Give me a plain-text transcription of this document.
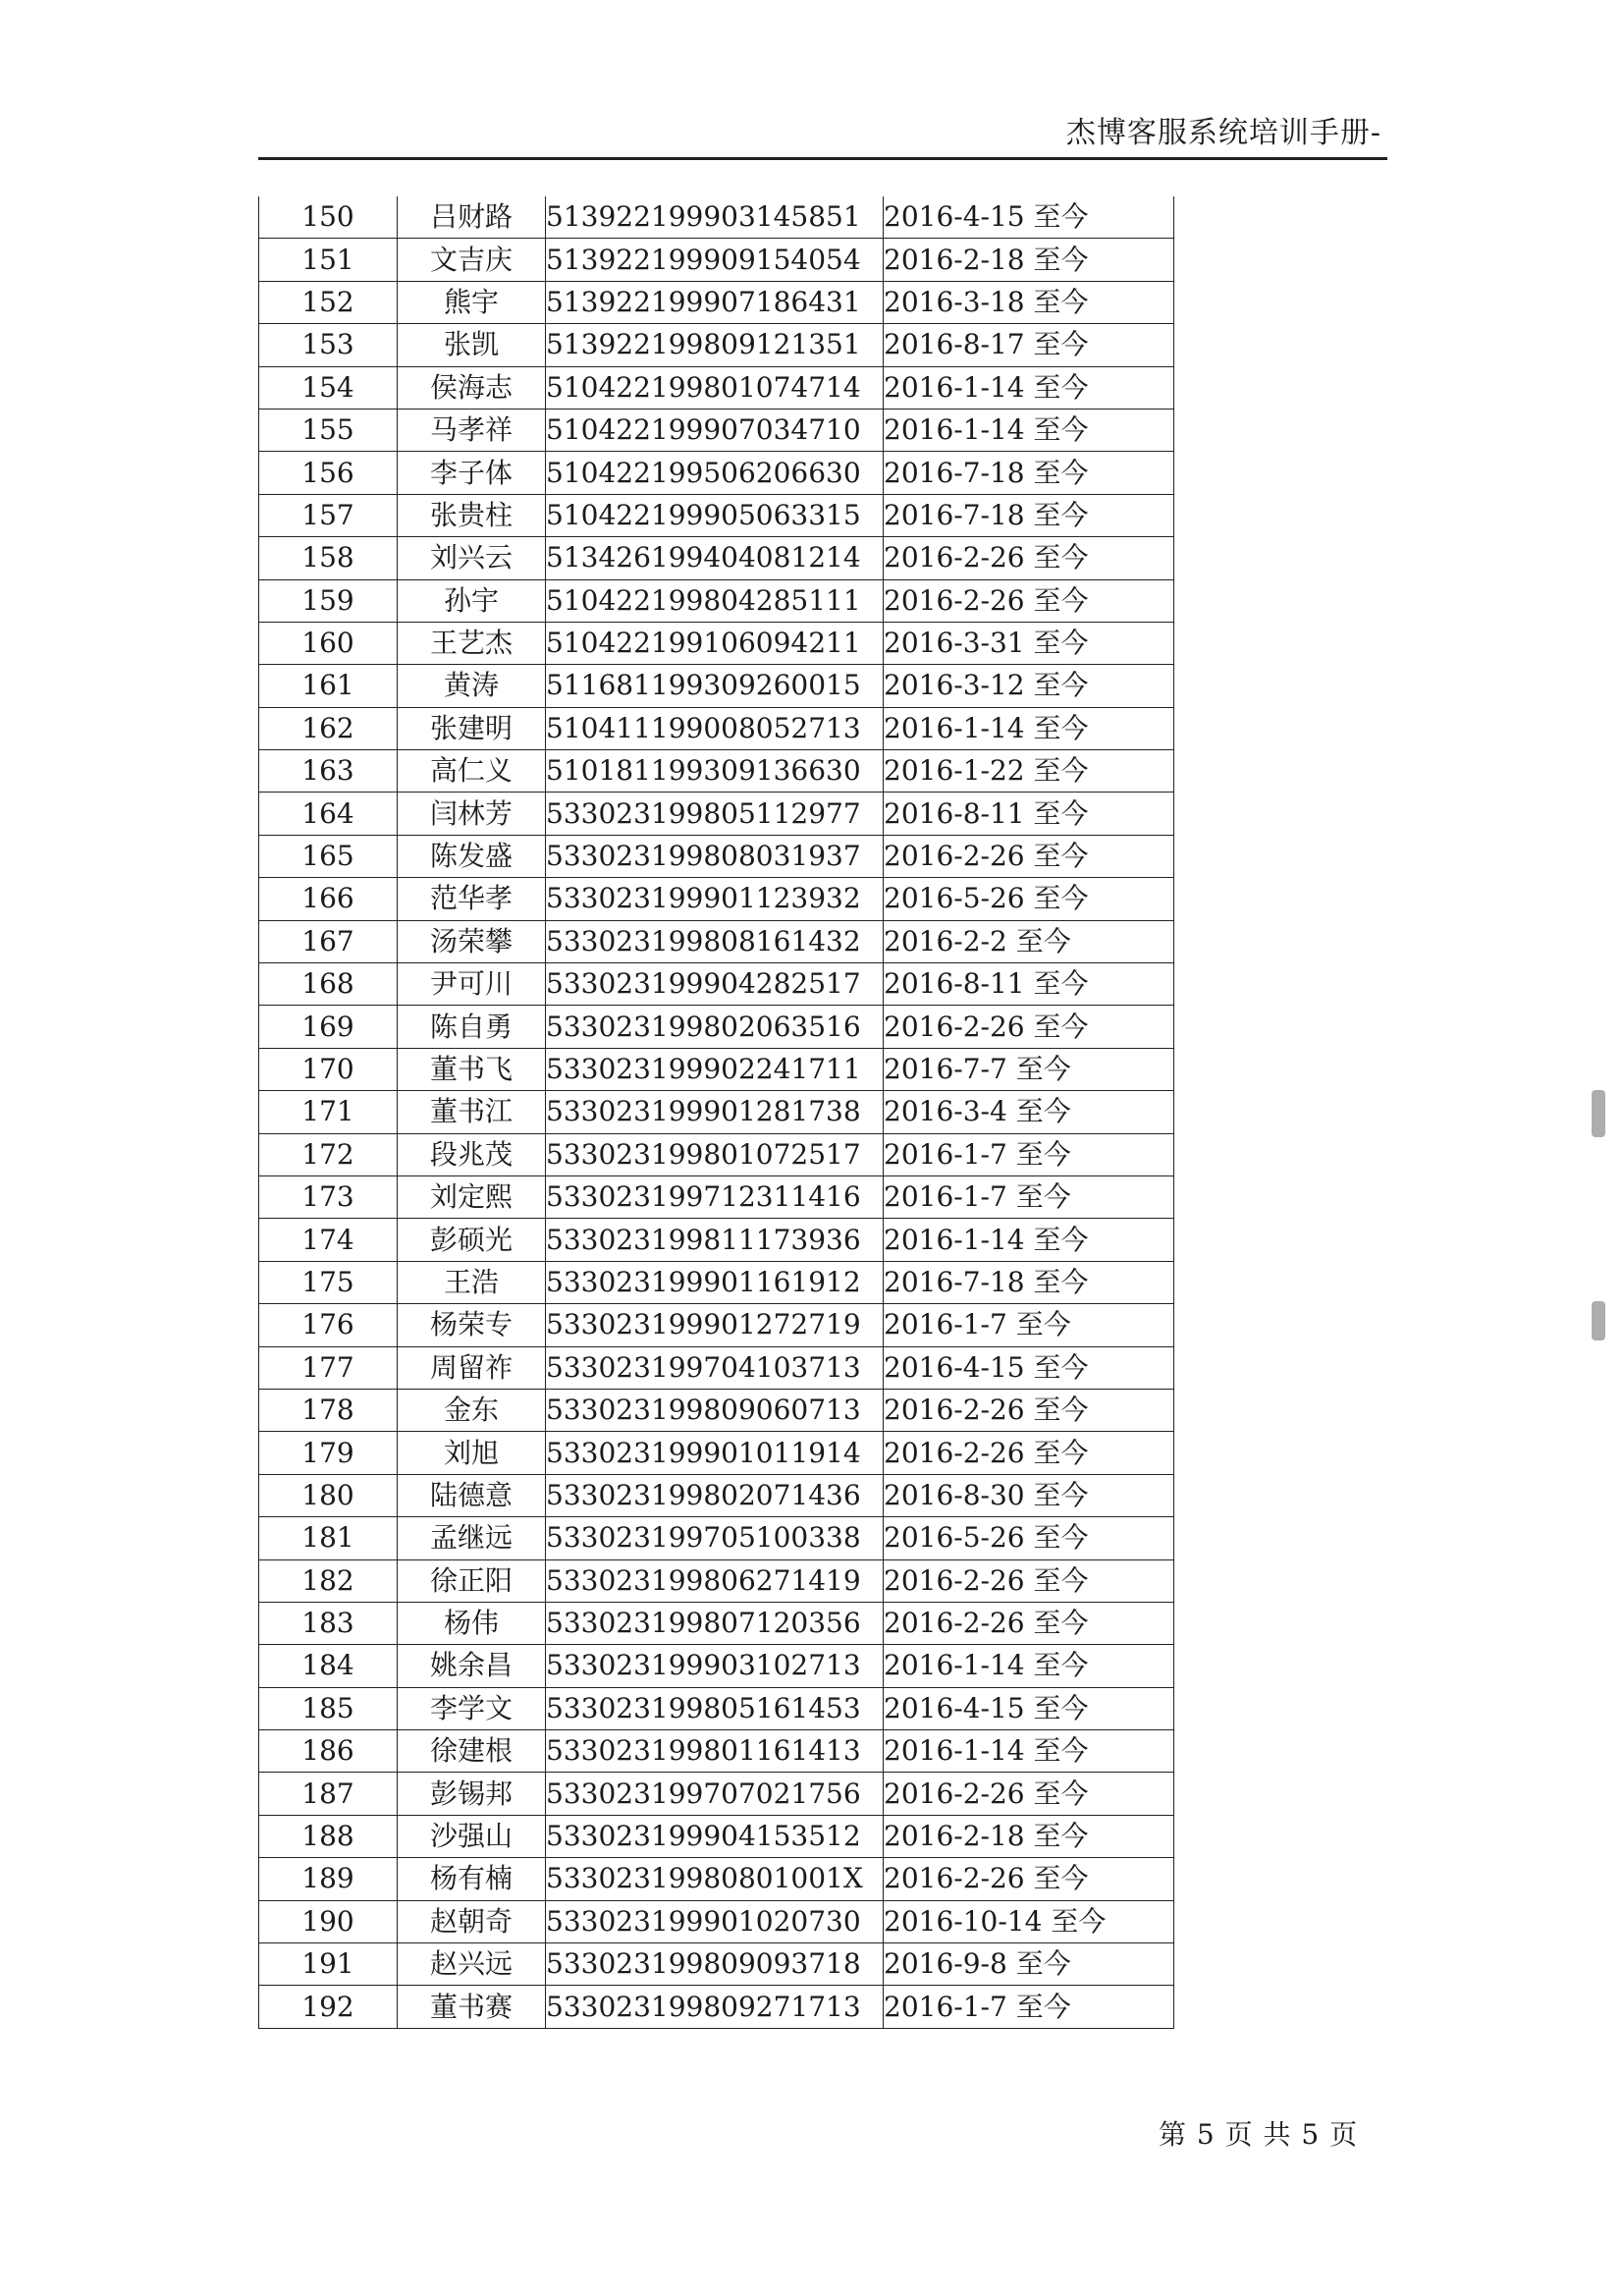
杰博客服系统培训手册-
150	吕财路	513922199903145851	2016-4-15 至今
151	文吉庆	513922199909154054	2016-2-18 至今
152	熊宇	513922199907186431	2016-3-18 至今
153	张凯	513922199809121351	2016-8-17 至今
154	侯海志	510422199801074714	2016-1-14 至今
155	马孝祥	510422199907034710	2016-1-14 至今
156	李子体	510422199506206630	2016-7-18 至今
157	张贵柱	510422199905063315	2016-7-18 至今
158	刘兴云	513426199404081214	2016-2-26 至今
159	孙宇	510422199804285111	2016-2-26 至今
160	王艺杰	510422199106094211	2016-3-31 至今
161	黄涛	511681199309260015	2016-3-12 至今
162	张建明	510411199008052713	2016-1-14 至今
163	高仁义	510181199309136630	2016-1-22 至今
164	闫林芳	533023199805112977	2016-8-11 至今
165	陈发盛	533023199808031937	2016-2-26 至今
166	范华孝	533023199901123932	2016-5-26 至今
167	汤荣攀	533023199808161432	2016-2-2 至今
168	尹可川	533023199904282517	2016-8-11 至今
169	陈自勇	533023199802063516	2016-2-26 至今
170	董书飞	533023199902241711	2016-7-7 至今
171	董书江	533023199901281738	2016-3-4 至今
172	段兆茂	533023199801072517	2016-1-7 至今
173	刘定熙	533023199712311416	2016-1-7 至今
174	彭硕光	533023199811173936	2016-1-14 至今
175	王浩	533023199901161912	2016-7-18 至今
176	杨荣专	533023199901272719	2016-1-7 至今
177	周留祚	533023199704103713	2016-4-15 至今
178	金东	533023199809060713	2016-2-26 至今
179	刘旭	533023199901011914	2016-2-26 至今
180	陆德意	533023199802071436	2016-8-30 至今
181	孟继远	533023199705100338	2016-5-26 至今
182	徐正阳	533023199806271419	2016-2-26 至今
183	杨伟	533023199807120356	2016-2-26 至今
184	姚余昌	533023199903102713	2016-1-14 至今
185	李学文	533023199805161453	2016-4-15 至今
186	徐建根	533023199801161413	2016-1-14 至今
187	彭锡邦	533023199707021756	2016-2-26 至今
188	沙强山	533023199904153512	2016-2-18 至今
189	杨有楠	53302319980801001X	2016-2-26 至今
190	赵朝奇	533023199901020730	2016-10-14 至今
191	赵兴远	533023199809093718	2016-9-8 至今
192	董书赛	533023199809271713	2016-1-7 至今
第 5 页 共 5 页
